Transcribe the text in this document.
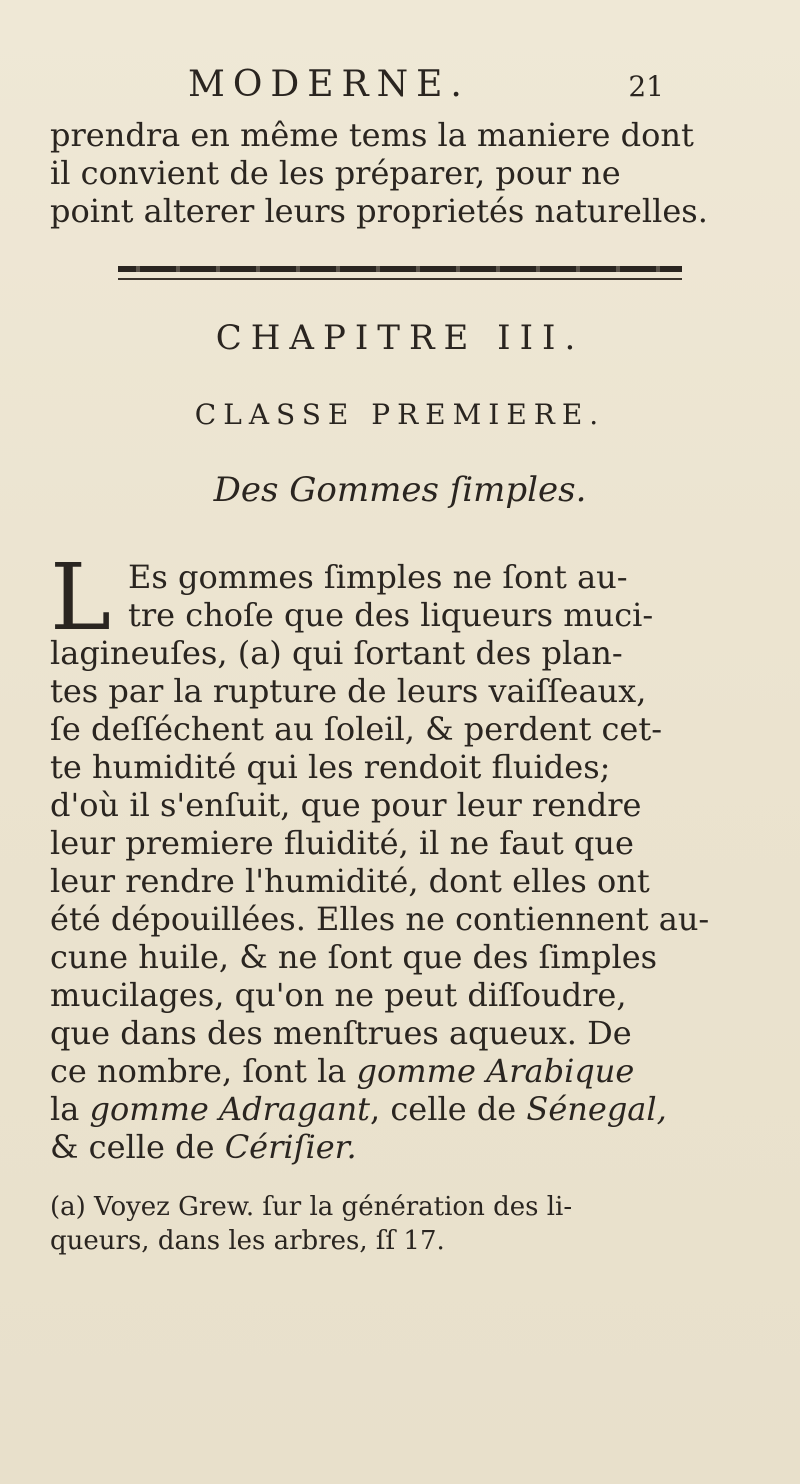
MODERNE.	21
prendra en même tems la maniere dont
il convient de les préparer, pour ne
point alterer leurs proprietés naturelles.
CHAPITRE III.
CLASSE PREMIERE.
Des Gommes ſimples.
L Es gommes ſimples ne ſont au-
tre choſe que des liqueurs muci-
lagineuſes, (a) qui ſortant des plan-
tes par la rupture de leurs vaiſſeaux,
ſe deſſéchent au ſoleil, & perdent cet-
te humidité qui les rendoit fluides;
d'où il s'enſuit, que pour leur rendre
leur premiere fluidité, il ne faut que
leur rendre l'humidité, dont elles ont
été dépouillées. Elles ne contiennent au-
cune huile, & ne ſont que des ſimples
mucilages, qu'on ne peut diſſoudre,
que dans des menſtrues aqueux. De
ce nombre, ſont la gomme Arabique
la gomme Adragant, celle de Sénegal,
& celle de Cériſier.
(a) Voyez Grew. ſur la génération des li-
queurs, dans les arbres, ſſ 17.
